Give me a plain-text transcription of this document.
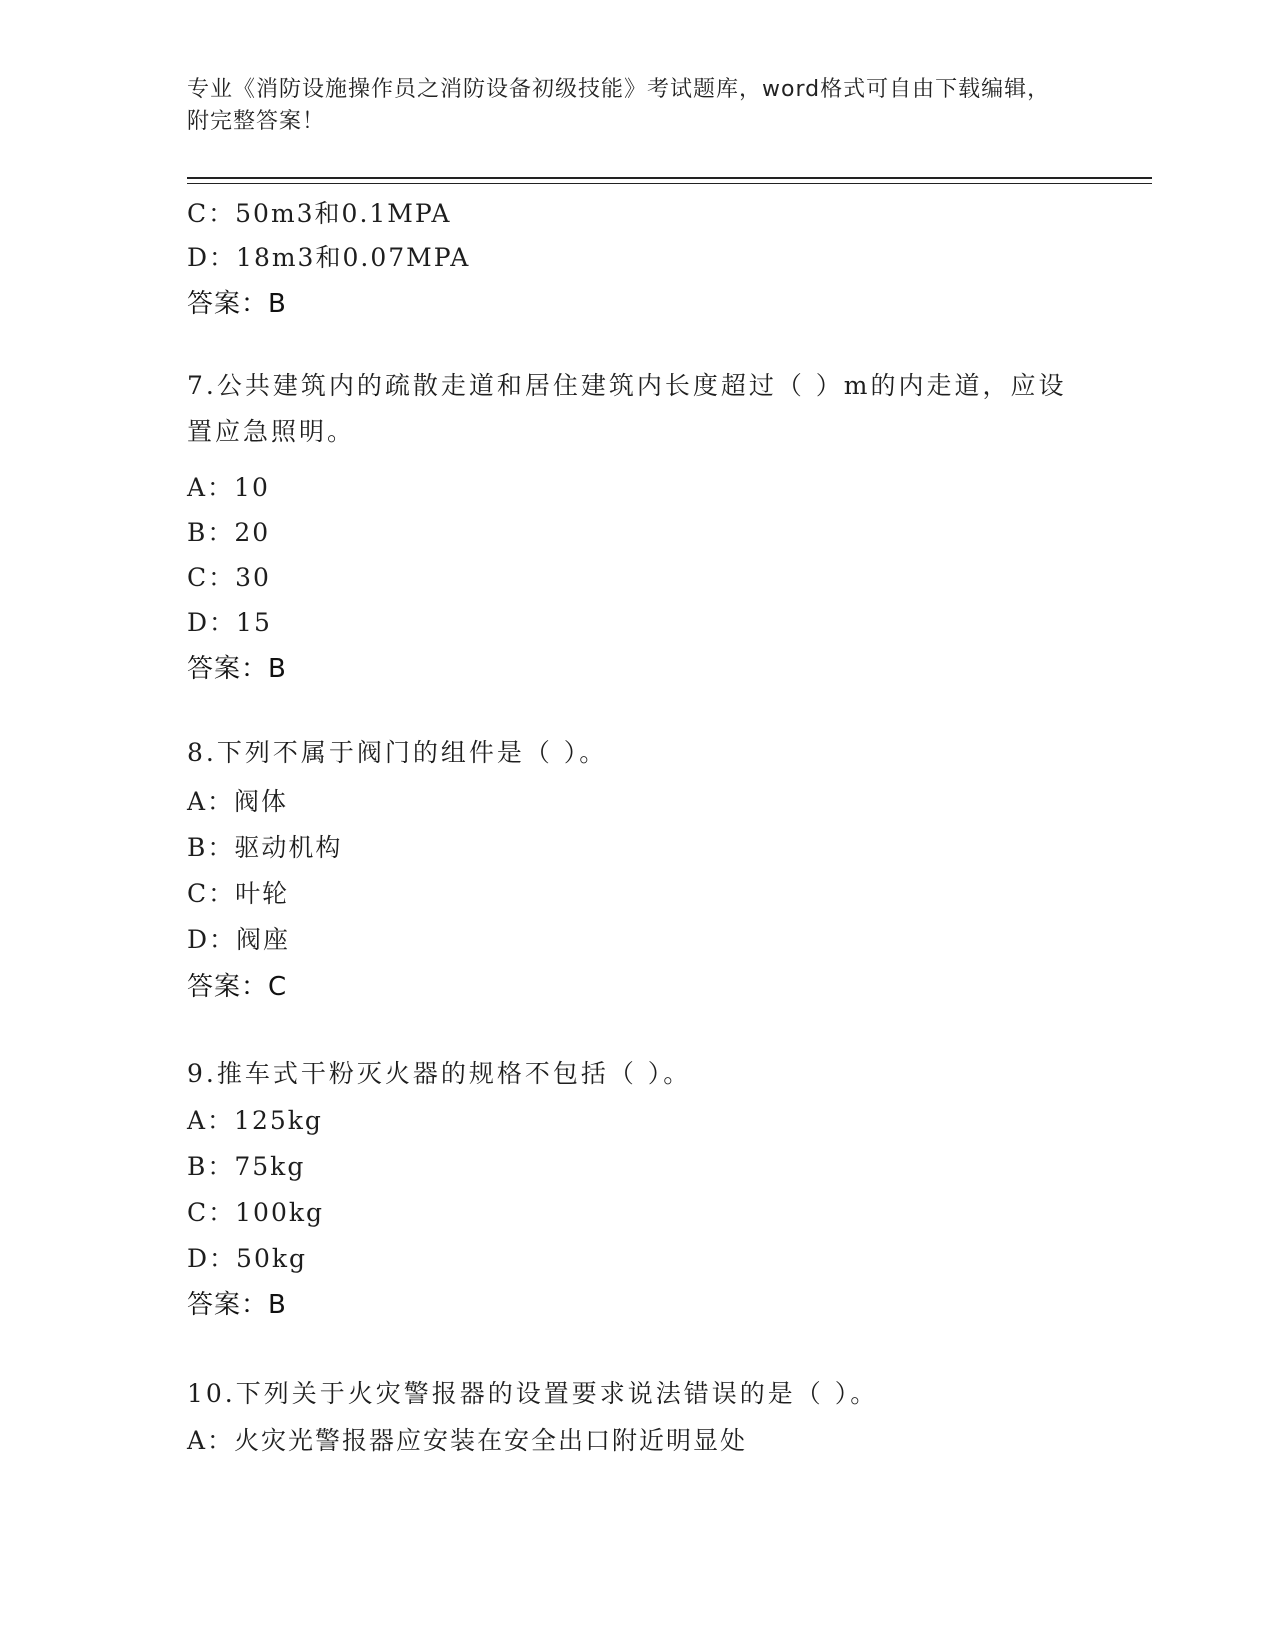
专业《消防设施操作员之消防设备初级技能》考试题库，word格式可自由下载编辑，附完整答案！
C：50m3和0.1MPA
D：18m3和0.07MPA
答案：B
7.公共建筑内的疏散走道和居住建筑内长度超过（ ）m的内走道，应设置应急照明。
A：10
B：20
C：30
D：15
答案：B
8.下列不属于阀门的组件是（ ）。
A：阀体
B：驱动机构
C：叶轮
D：阀座
答案：C
9.推车式干粉灭火器的规格不包括（ ）。
A：125kg
B：75kg
C：100kg
D：50kg
答案：B
10.下列关于火灾警报器的设置要求说法错误的是（ ）。
A：火灾光警报器应安装在安全出口附近明显处
